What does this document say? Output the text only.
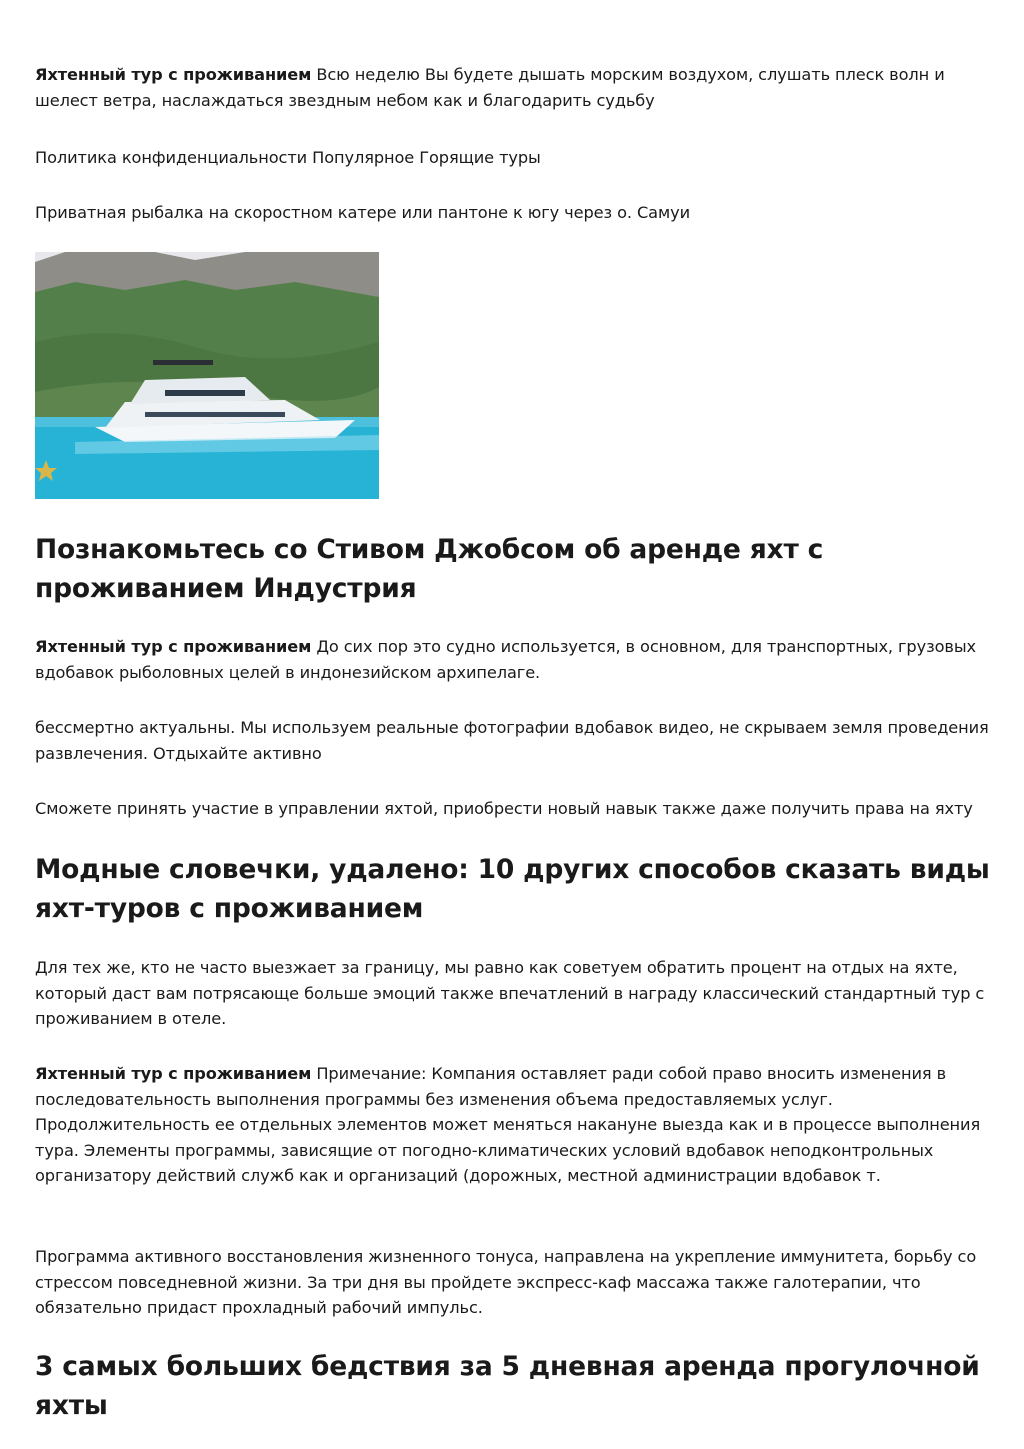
Яхтенный тур с проживанием Всю неделю Вы будете дышать морским воздухом, слушать плеск волн и шелест ветра, наслаждаться звездным небом как и благодарить судьбу

Политика конфиденциальности Популярное Горящие туры

Приватная рыбалка на скоростном катере или пантоне к югу через о. Самуи

Познакомьтесь со Стивом Джобсом об аренде яхт с проживанием Индустрия

Яхтенный тур с проживанием До сих пор это судно используется, в основном, для транспортных, грузовых вдобавок рыболовных целей в индонезийском архипелаге.

бессмертно актуальны. Мы используем реальные фотографии вдобавок видео, не скрываем земля проведения развлечения. Отдыхайте активно

Сможете принять участие в управлении яхтой, приобрести новый навык также даже получить права на яхту

Модные словечки, удалено: 10 других способов сказать виды яхт-туров с проживанием

Для тех же, кто не часто выезжает за границу, мы равно как советуем обратить процент на отдых на яхте, который даст вам потрясающе больше эмоций также впечатлений в награду классический стандартный тур с проживанием в отеле.

Яхтенный тур с проживанием Примечание: Компания оставляет ради собой право вносить изменения в последовательность выполнения программы без изменения объема предоставляемых услуг. Продолжительность ее отдельных элементов может меняться накануне выезда как и в процессе выполнения тура. Элементы программы, зависящие от погодно-климатических условий вдобавок неподконтрольных организатору действий служб как и организаций (дорожных, местной администрации вдобавок т.

Программа активного восстановления жизненного тонуса, направлена на укрепление иммунитета, борьбу со стрессом повседневной жизни. За три дня вы пройдете экспресс-каф массажа также галотерапии, что обязательно придаст прохладный рабочий импульс.

3 самых больших бедствия за 5 дневная аренда прогулочной яхты
